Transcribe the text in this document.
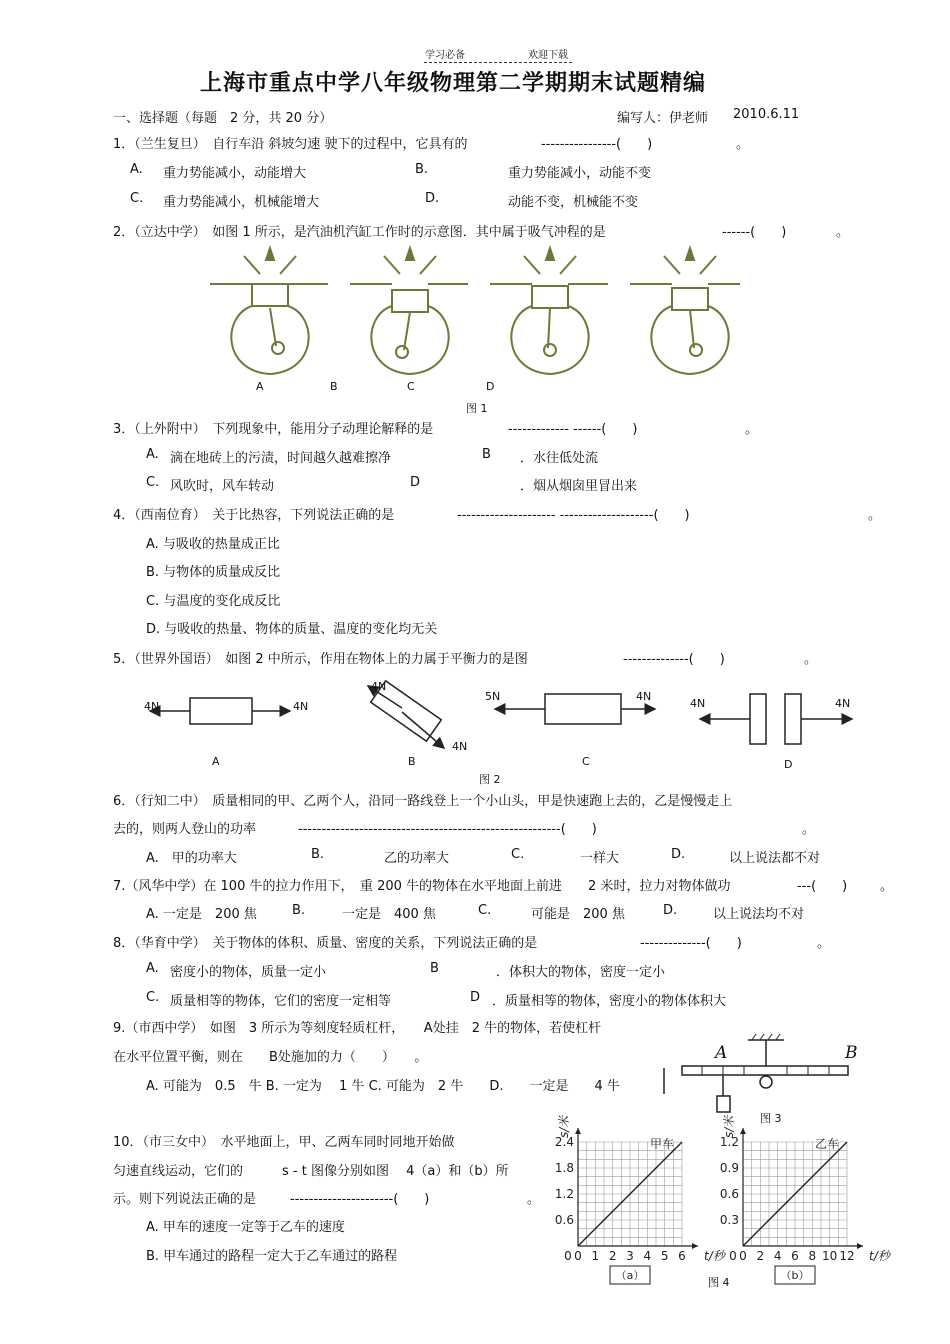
学习必备	欢迎下载
上海市重点中学八年级物理第二学期期末试题精编
一、选择题（每题　2 分，共 20 分）	编写人：伊老师 2010.6.11
1．（兰生复旦）　自行车沿 斜坡匀速 驶下的过程中，它具有的	----------------(　　)	。
A. 重力势能减小，动能增大	B.	重力势能减小，动能不变
C. 重力势能减小，机械能增大	D.	动能不变，机械能不变
2．（立达中学）　如图 1 所示，是汽油机汽缸工作时的示意图．其中属于吸气冲程的是	------(　　)	。
A	B	C	D
图 1
3．（上外附中）　下列现象中，能用分子动理论解释的是	------------- ------(　　)	。
A. 滴在地砖上的污渍，时间越久越难擦净	B ．水往低处流
C. 风吹时，风车转动	D	．烟从烟囱里冒出来
4．（西南位育）　关于比热容，下列说法正确的是	--------------------- --------------------(　　)	。
A. 与吸收的热量成正比
B. 与物体的质量成反比
C. 与温度的变化成反比
D. 与吸收的热量、物体的质量、温度的变化均无关
5．（世界外国语）　如图 2 中所示，作用在物体上的力属于平衡力的是图	--------------(　　)	。
4N	4N
4N
4N
5N	4N
4N	4N
A	B	C	D
图 2
6．（行知二中）　质量相同的甲、乙两个人，沿同一路线登上一个小山头，甲是快速跑上去的，乙是慢慢走上
去的，则两人登山的功率	--------------------------------------------------------(　　)	。
A.　甲的功率大	B.	乙的功率大	C.	一样大	D.	以上说法都不对
7.（风华中学）在 100 牛的拉力作用下，　重 200 牛的物体在水平地面上前进　　2 米时，拉力对物体做功	---(　　)	。
A. 一定是　200 焦	B.	一定是　400 焦	C.	可能是　200 焦	D.	以上说法均不对
8．（华育中学）　关于物体的体积、质量、密度的关系，下列说法正确的是	--------------(　　)	。
A. 密度小的物体，质量一定小	B	．体积大的物体，密度一定小
C. 质量相等的物体，它们的密度一定相等	D ．质量相等的物体，密度小的物体体积大
9.（市西中学）　如图　3 所示为等刻度轻质杠杆，　　A处挂　2 牛的物体，若使杠杆
在水平位置平衡，则在　　B处施加的力（　　）　　。
A. 可能为　0.5　牛 B. 一定为　 1 牛 C. 可能为　2 牛　　D.　　一定是　　4 牛
A	B
图 3
10．（市三女中）　水平地面上，甲、乙两车同时同地开始做
匀速直线运动，它们的　　　s - t 图像分别如图　 4（a）和（b）所
示。则下列说法正确的是	----------------------(　　)	。
A. 甲车的速度一定等于乙车的速度
B. 甲车通过的路程一定大于乙车通过的路程	0 1 2 3 4 5 6
0.6
1.2
1.8
2.4
0	t/秒
s/米
甲车
（a）
0 2 4 6 8 10 12
0.3
0.6
0.9
1.2
0	t/秒
s/米
乙车
（b）
图 4
